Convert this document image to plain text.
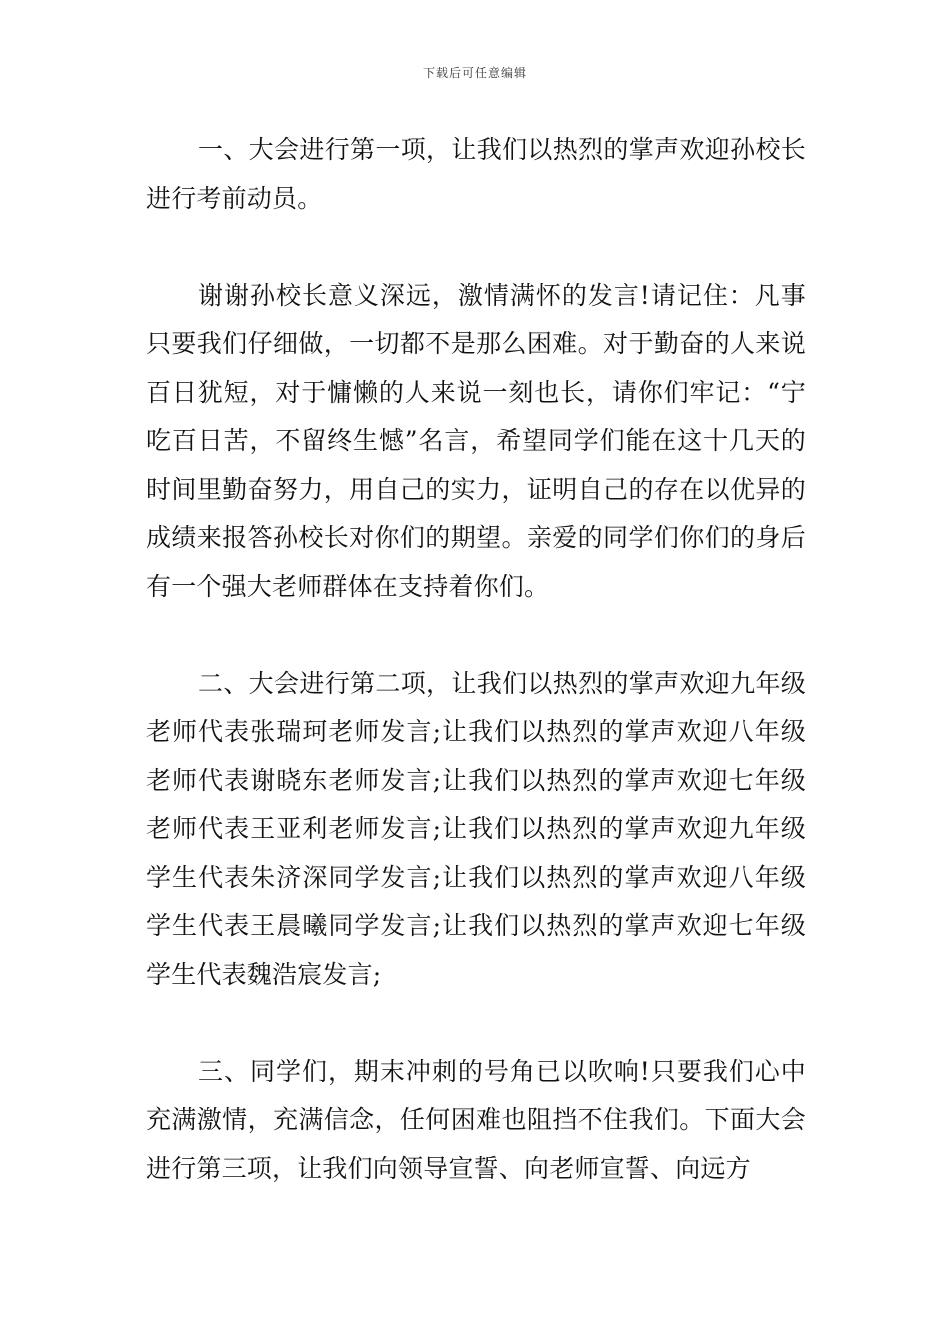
下载后可任意编辑

一、大会进行第一项，让我们以热烈的掌声欢迎孙校长进行考前动员。

谢谢孙校长意义深远，激情满怀的发言!请记住：凡事只要我们仔细做，一切都不是那么困难。对于勤奋的人来说百日犹短，对于慵懒的人来说一刻也长，请你们牢记：“宁吃百日苦，不留终生憾”名言，希望同学们能在这十几天的时间里勤奋努力，用自己的实力，证明自己的存在以优异的成绩来报答孙校长对你们的期望。亲爱的同学们你们的身后有一个强大老师群体在支持着你们。

二、大会进行第二项，让我们以热烈的掌声欢迎九年级老师代表张瑞珂老师发言;让我们以热烈的掌声欢迎八年级老师代表谢晓东老师发言;让我们以热烈的掌声欢迎七年级老师代表王亚利老师发言;让我们以热烈的掌声欢迎九年级学生代表朱济深同学发言;让我们以热烈的掌声欢迎八年级学生代表王晨曦同学发言;让我们以热烈的掌声欢迎七年级学生代表魏浩宸发言;

三、同学们，期末冲刺的号角已以吹响!只要我们心中充满激情，充满信念，任何困难也阻挡不住我们。下面大会进行第三项，让我们向领导宣誓、向老师宣誓、向远方
